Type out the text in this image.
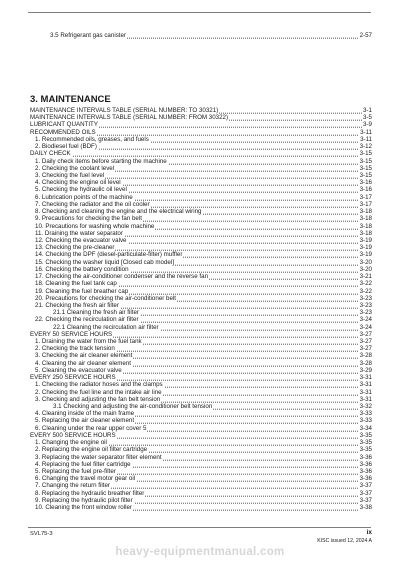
3.5 Refrigerant gas canister	2-57
MAINTENANCE INTERVALS TABLE (SERIAL NUMBER: TO 30321)	3-1
MAINTENANCE INTERVALS TABLE (SERIAL NUMBER: FROM 30322)	3-5
LUBRICANT QUANTITY	3-9
RECOMMENDED OILS	3-11
1. Recommended oils, greases, and fuels	3-11
2. Biodiesel fuel (BDF)	3-12
DAILY CHECK	3-15
1. Daily check items before starting the machine	3-15
2. Checking the coolant level	3-15
3. Checking the fuel level	3-15
4. Checking the engine oil level	3-16
5. Checking the hydraulic oil level	3-16
6. Lubrication points of the machine	3-17
7. Checking the radiator and the oil cooler	3-17
8. Checking and cleaning the engine and the electrical wiring	3-18
9. Precautions for checking the fan belt	3-18
10. Precautions for washing whole machine	3-18
11. Draining the water separator	3-18
12. Checking the evacuator valve	3-19
13. Checking the pre-cleaner	3-19
14. Checking the DPF (diesel-particulate-filter) muffler	3-19
15. Checking the washer liquid [Closed cab model]	3-20
16. Checking the battery condition	3-20
17. Checking the air-conditioner condenser and the reverse fan	3-21
18. Cleaning the fuel tank cap	3-22
19. Cleaning the fuel breather cap	3-22
20. Precautions for checking the air-conditioner belt	3-23
21. Checking the fresh air filter	3-23
21.1 Cleaning the fresh air filter	3-23
22. Checking the recirculation air filter	3-24
22.1 Cleaning the recirculation air filter	3-24
EVERY 50 SERVICE HOURS	3-27
1. Draining the water from the fuel tank	3-27
2. Checking the track tension	3-27
3. Checking the air cleaner element	3-28
4. Cleaning the air cleaner element	3-28
5. Cleaning the evacuator valve	3-29
EVERY 250 SERVICE HOURS	3-31
1. Checking the radiator hoses and the clamps	3-31
2. Checking the fuel line and the intake air line	3-31
3. Checking and adjusting the fan belt tension	3-31
3.1 Checking and adjusting the air-conditioner belt tension	3-32
4. Cleaning inside of the main frame	3-33
5. Replacing the air cleaner element	3-33
6. Cleaning under the rear upper cover 5	3-34
EVERY 500 SERVICE HOURS	3-35
1. Changing the engine oil	3-35
2. Replacing the engine oil filter cartridge	3-35
3. Replacing the water separator filter element	3-36
4. Replacing the fuel filter cartridge	3-36
5. Replacing the fuel pre-filter	3-36
6. Changing the travel motor gear oil	3-36
7. Changing the return filter	3-37
8. Replacing the hydraulic breather filter	3-37
9. Replacing the hydraulic pilot filter	3-37
10. Cleaning the front window roller	3-38
3. MAINTENANCE
SVL75-3	ix
KISC issued 12, 2024 A
heavy-equipmentmanual.com
